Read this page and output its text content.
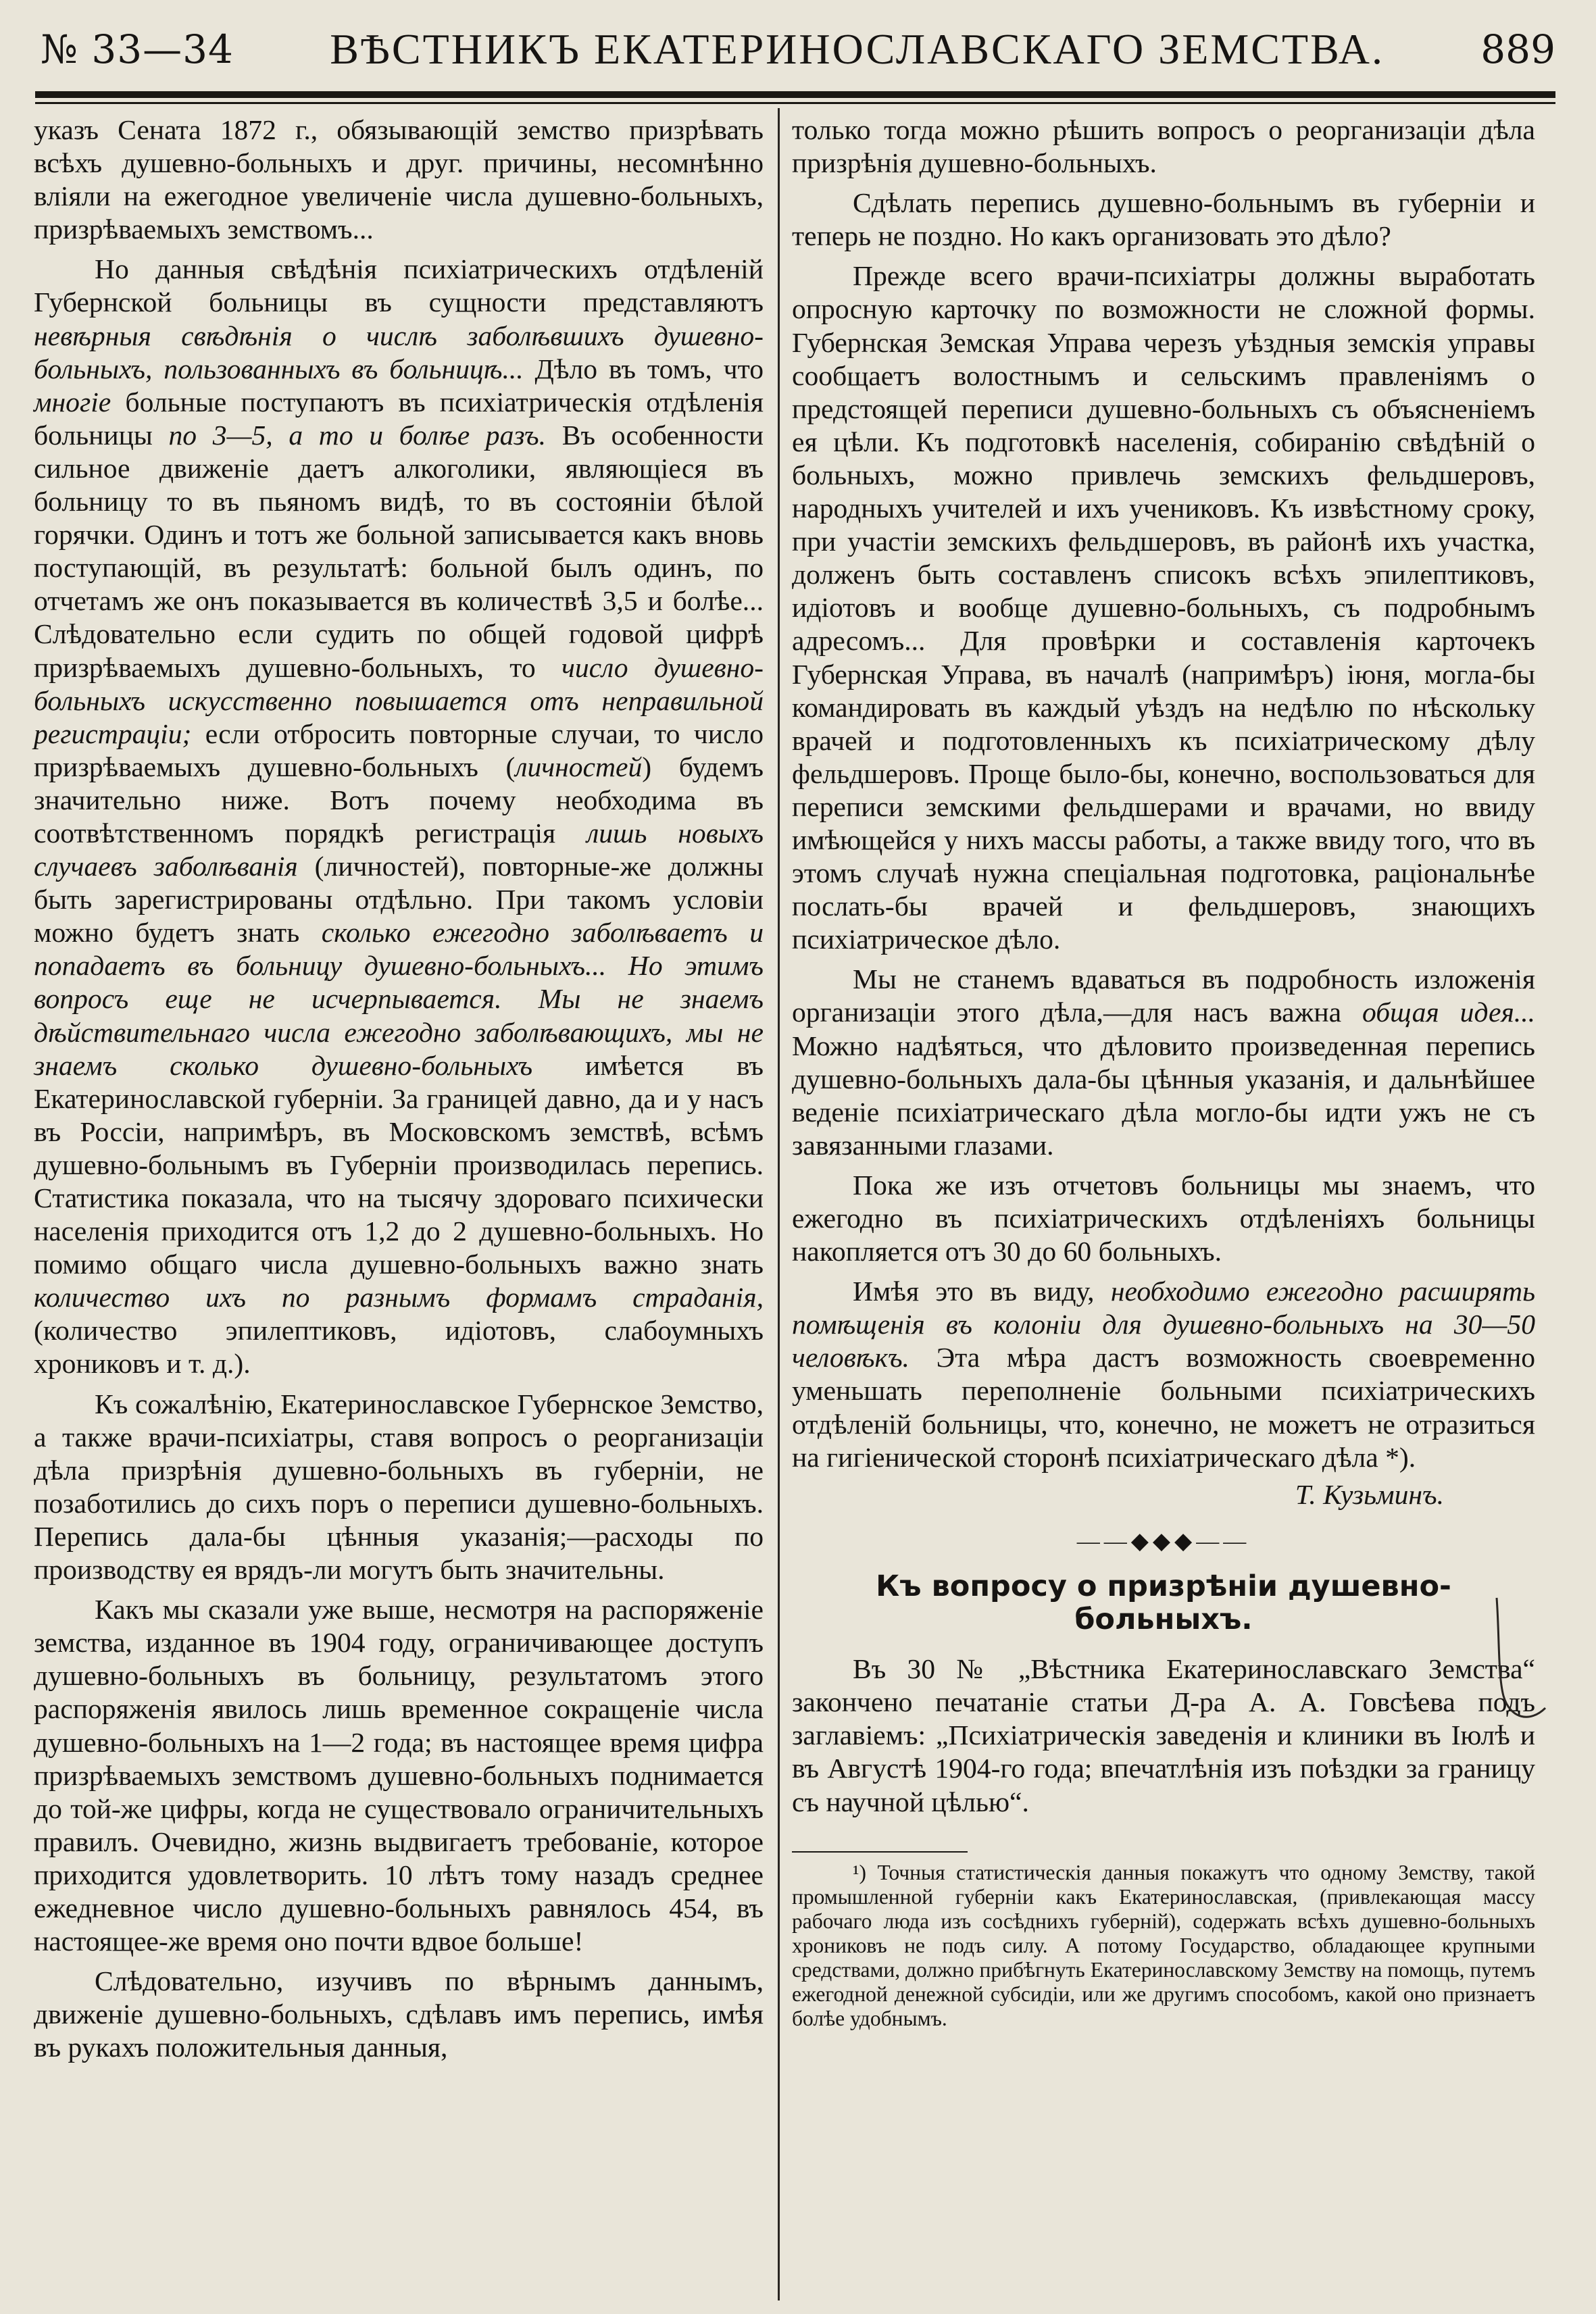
№ 33—34 ВѢСТНИКЪ ЕКАТЕРИНОСЛАВСКАГО ЗЕМСТВА. 889

указъ Сената 1872 г., обязывающій земство призрѣвать всѣхъ душевно-больныхъ и друг. причины, несомнѣнно вліяли на ежегодное увеличеніе числа душевно-больныхъ, призрѣваемыхъ земствомъ...

Но данныя свѣдѣнія психіатрическихъ отдѣленій Губернской больницы въ сущности представляютъ невѣрныя свѣдѣнія о числѣ заболѣвшихъ душевно-больныхъ, пользованныхъ въ больницѣ... Дѣло въ томъ, что многіе больные поступаютъ въ психіатрическія отдѣленія больницы по 3—5, а то и болѣе разъ. Въ особенности сильное движеніе даетъ алкоголики, являющіеся въ больницу то въ пьяномъ видѣ, то въ состояніи бѣлой горячки. Одинъ и тотъ же больной записывается какъ вновь поступающій, въ результатѣ: больной былъ одинъ, по отчетамъ же онъ показывается въ количествѣ 3,5 и болѣе... Слѣдовательно если судить по общей годовой цифрѣ призрѣваемыхъ душевно-больныхъ, то число душевно-больныхъ искусственно повышается отъ неправильной регистраціи; если отбросить повторные случаи, то число призрѣваемыхъ душевно-больныхъ (личностей) будемъ значительно ниже. Вотъ почему необходима въ соотвѣтственномъ порядкѣ регистрація лишь новыхъ случаевъ заболѣванія (личностей), повторные-же должны быть зарегистрированы отдѣльно. При такомъ условіи можно будетъ знать сколько ежегодно заболѣваетъ и попадаетъ въ больницу душевно-больныхъ... Но этимъ вопросъ еще не исчерпывается. Мы не знаемъ дѣйствительнаго числа ежегодно заболѣвающихъ, мы не знаемъ сколько душевно-больныхъ имѣется въ Екатеринославской губерніи. За границей давно, да и у насъ въ Россіи, напримѣръ, въ Московскомъ земствѣ, всѣмъ душевно-больнымъ въ Губерніи производилась перепись. Статистика показала, что на тысячу здороваго психически населенія приходится отъ 1,2 до 2 душевно-больныхъ. Но помимо общаго числа душевно-больныхъ важно знать количество ихъ по разнымъ формамъ страданія, (количество эпилептиковъ, идіотовъ, слабоумныхъ хрониковъ и т. д.).

Къ сожалѣнію, Екатеринославское Губернское Земство, а также врачи-психіатры, ставя вопросъ о реорганизаціи дѣла призрѣнія душевно-больныхъ въ губерніи, не позаботились до сихъ поръ о переписи душевно-больныхъ. Перепись дала-бы цѣнныя указанія;—расходы по производству ея врядъ-ли могутъ быть значительны.

Какъ мы сказали уже выше, несмотря на распоряженіе земства, изданное въ 1904 году, ограничивающее доступъ душевно-больныхъ въ больницу, результатомъ этого распоряженія явилось лишь временное сокращеніе числа душевно-больныхъ на 1—2 года; въ настоящее время цифра призрѣваемыхъ земствомъ душевно-больныхъ поднимается до той-же цифры, когда не существовало ограничительныхъ правилъ. Очевидно, жизнь выдвигаетъ требованіе, которое приходится удовлетворить. 10 лѣтъ тому назадъ среднее ежедневное число душевно-больныхъ равнялось 454, въ настоящее-же время оно почти вдвое больше!

Слѣдовательно, изучивъ по вѣрнымъ даннымъ, движеніе душевно-больныхъ, сдѣлавъ имъ перепись, имѣя въ рукахъ положительныя данныя,

только тогда можно рѣшить вопросъ о реорганизаціи дѣла призрѣнія душевно-больныхъ.

Сдѣлать перепись душевно-больнымъ въ губерніи и теперь не поздно. Но какъ организовать это дѣло?

Прежде всего врачи-психіатры должны выработать опросную карточку по возможности не сложной формы. Губернская Земская Управа черезъ уѣздныя земскія управы сообщаетъ волостнымъ и сельскимъ правленіямъ о предстоящей переписи душевно-больныхъ съ объясненіемъ ея цѣли. Къ подготовкѣ населенія, собиранію свѣдѣній о больныхъ, можно привлечь земскихъ фельдшеровъ, народныхъ учителей и ихъ учениковъ. Къ извѣстному сроку, при участіи земскихъ фельдшеровъ, въ районѣ ихъ участка, долженъ быть составленъ списокъ всѣхъ эпилептиковъ, идіотовъ и вообще душевно-больныхъ, съ подробнымъ адресомъ... Для провѣрки и составленія карточекъ Губернская Управа, въ началѣ (напримѣръ) іюня, могла-бы командировать въ каждый уѣздъ на недѣлю по нѣскольку врачей и подготовленныхъ къ психіатрическому дѣлу фельдшеровъ. Проще было-бы, конечно, воспользоваться для переписи земскими фельдшерами и врачами, но ввиду имѣющейся у нихъ массы работы, а также ввиду того, что въ этомъ случаѣ нужна спеціальная подготовка, раціональнѣе послать-бы врачей и фельдшеровъ, знающихъ психіатрическое дѣло.

Мы не станемъ вдаваться въ подробность изложенія организаціи этого дѣла,—для насъ важна общая идея... Можно надѣяться, что дѣловито произведенная перепись душевно-больныхъ дала-бы цѣнныя указанія, и дальнѣйшее веденіе психіатрическаго дѣла могло-бы идти ужъ не съ завязанными глазами.

Пока же изъ отчетовъ больницы мы знаемъ, что ежегодно въ психіатрическихъ отдѣленіяхъ больницы накопляется отъ 30 до 60 больныхъ.

Имѣя это въ виду, необходимо ежегодно расширять помѣщенія въ колоніи для душевно-больныхъ на 30—50 человѣкъ. Эта мѣра дастъ возможность своевременно уменьшать переполненіе больными психіатрическихъ отдѣленій больницы, что, конечно, не можетъ не отразиться на гигіенической сторонѣ психіатрическаго дѣла *).

Т. Кузьминъ.
——◆◆◆——
Къ вопросу о призрѣніи душевно-больныхъ.

Въ 30 № „Вѣстника Екатеринославскаго Земства“ закончено печатаніе статьи Д-ра А. А. Говсѣева подъ заглавіемъ: „Психіатрическія заведенія и клиники въ Іюлѣ и въ Августѣ 1904-го года; впечатлѣнія изъ поѣздки за границу съ научной цѣлью“.

¹) Точныя статистическія данныя покажутъ что одному Земству, такой промышленной губерніи какъ Екатеринославская, (привлекающая массу рабочаго люда изъ сосѣднихъ губерній), содержать всѣхъ душевно-больныхъ хрониковъ не подъ силу. А потому Государство, обладающее крупными средствами, должно прибѣгнуть Екатеринославскому Земству на помощь, путемъ ежегодной денежной субсидіи, или же другимъ способомъ, какой оно признаетъ болѣе удобнымъ.
